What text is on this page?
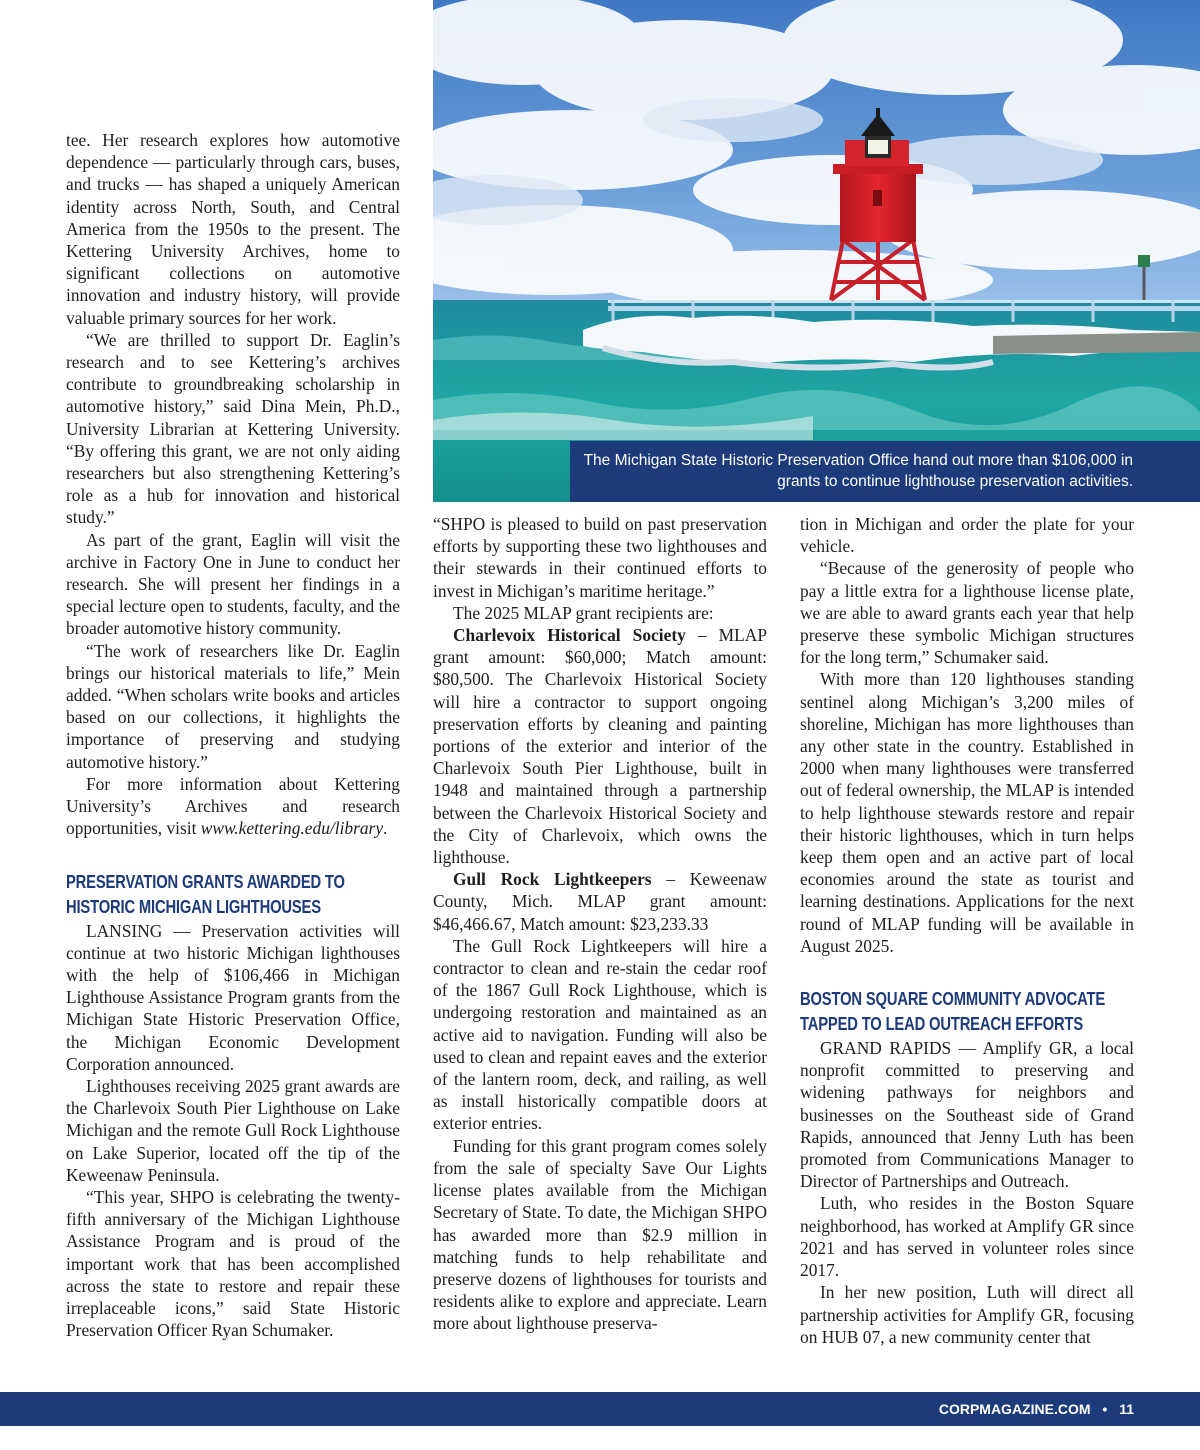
tee. Her research explores how automotive dependence — particularly through cars, buses, and trucks — has shaped a uniquely American identity across North, South, and Central America from the 1950s to the present. The Kettering University Archives, home to significant collections on automotive innovation and industry history, will provide valuable primary sources for her work.

“We are thrilled to support Dr. Eaglin’s research and to see Kettering’s archives contribute to groundbreaking scholarship in automotive history,” said Dina Mein, Ph.D., University Librarian at Kettering University. “By offering this grant, we are not only aiding researchers but also strengthening Kettering’s role as a hub for innovation and historical study.”

As part of the grant, Eaglin will visit the archive in Factory One in June to conduct her research. She will present her findings in a special lecture open to students, faculty, and the broader automotive history community.

“The work of researchers like Dr. Eaglin brings our historical materials to life,” Mein added. “When scholars write books and articles based on our collections, it highlights the importance of preserving and studying automotive history.”

For more information about Kettering University’s Archives and research opportunities, visit www.kettering.edu/library.

PRESERVATION GRANTS AWARDED TO HISTORIC MICHIGAN LIGHTHOUSES

LANSING — Preservation activities will continue at two historic Michigan lighthouses with the help of $106,466 in Michigan Lighthouse Assistance Program grants from the Michigan State Historic Preservation Office, the Michigan Economic Development Corporation announced.

Lighthouses receiving 2025 grant awards are the Charlevoix South Pier Lighthouse on Lake Michigan and the remote Gull Rock Lighthouse on Lake Superior, located off the tip of the Keweenaw Peninsula.

“This year, SHPO is celebrating the twenty-fifth anniversary of the Michigan Lighthouse Assistance Program and is proud of the important work that has been accomplished across the state to restore and repair these irreplaceable icons,” said State Historic Preservation Officer Ryan Schumaker.

The Michigan State Historic Preservation Office hand out more than $106,000 in grants to continue lighthouse preservation activities.

“SHPO is pleased to build on past preservation efforts by supporting these two lighthouses and their stewards in their continued efforts to invest in Michigan’s maritime heritage.”

The 2025 MLAP grant recipients are:

Charlevoix Historical Society – MLAP grant amount: $60,000; Match amount: $80,500. The Charlevoix Historical Society will hire a contractor to support ongoing preservation efforts by cleaning and painting portions of the exterior and interior of the Charlevoix South Pier Lighthouse, built in 1948 and maintained through a partnership between the Charlevoix Historical Society and the City of Charlevoix, which owns the lighthouse.

Gull Rock Lightkeepers – Keweenaw County, Mich. MLAP grant amount: $46,466.67, Match amount: $23,233.33

The Gull Rock Lightkeepers will hire a contractor to clean and re-stain the cedar roof of the 1867 Gull Rock Lighthouse, which is undergoing restoration and maintained as an active aid to navigation. Funding will also be used to clean and repaint eaves and the exterior of the lantern room, deck, and railing, as well as install historically compatible doors at exterior entries.

Funding for this grant program comes solely from the sale of specialty Save Our Lights license plates available from the Michigan Secretary of State. To date, the Michigan SHPO has awarded more than $2.9 million in matching funds to help rehabilitate and preserve dozens of lighthouses for tourists and residents alike to explore and appreciate. Learn more about lighthouse preserva-

tion in Michigan and order the plate for your vehicle.

“Because of the generosity of people who pay a little extra for a lighthouse license plate, we are able to award grants each year that help preserve these symbolic Michigan structures for the long term,” Schumaker said.

With more than 120 lighthouses standing sentinel along Michigan’s 3,200 miles of shoreline, Michigan has more lighthouses than any other state in the country. Established in 2000 when many lighthouses were transferred out of federal ownership, the MLAP is intended to help lighthouse stewards restore and repair their historic lighthouses, which in turn helps keep them open and an active part of local economies around the state as tourist and learning destinations. Applications for the next round of MLAP funding will be available in August 2025.

BOSTON SQUARE COMMUNITY ADVOCATE TAPPED TO LEAD OUTREACH EFFORTS

GRAND RAPIDS — Amplify GR, a local nonprofit committed to preserving and widening pathways for neighbors and businesses on the Southeast side of Grand Rapids, announced that Jenny Luth has been promoted from Communications Manager to Director of Partnerships and Outreach.

Luth, who resides in the Boston Square neighborhood, has worked at Amplify GR since 2021 and has served in volunteer roles since 2017.

In her new position, Luth will direct all partnership activities for Amplify GR, focusing on HUB 07, a new community center that

CORPMAGAZINE.COM • 11
